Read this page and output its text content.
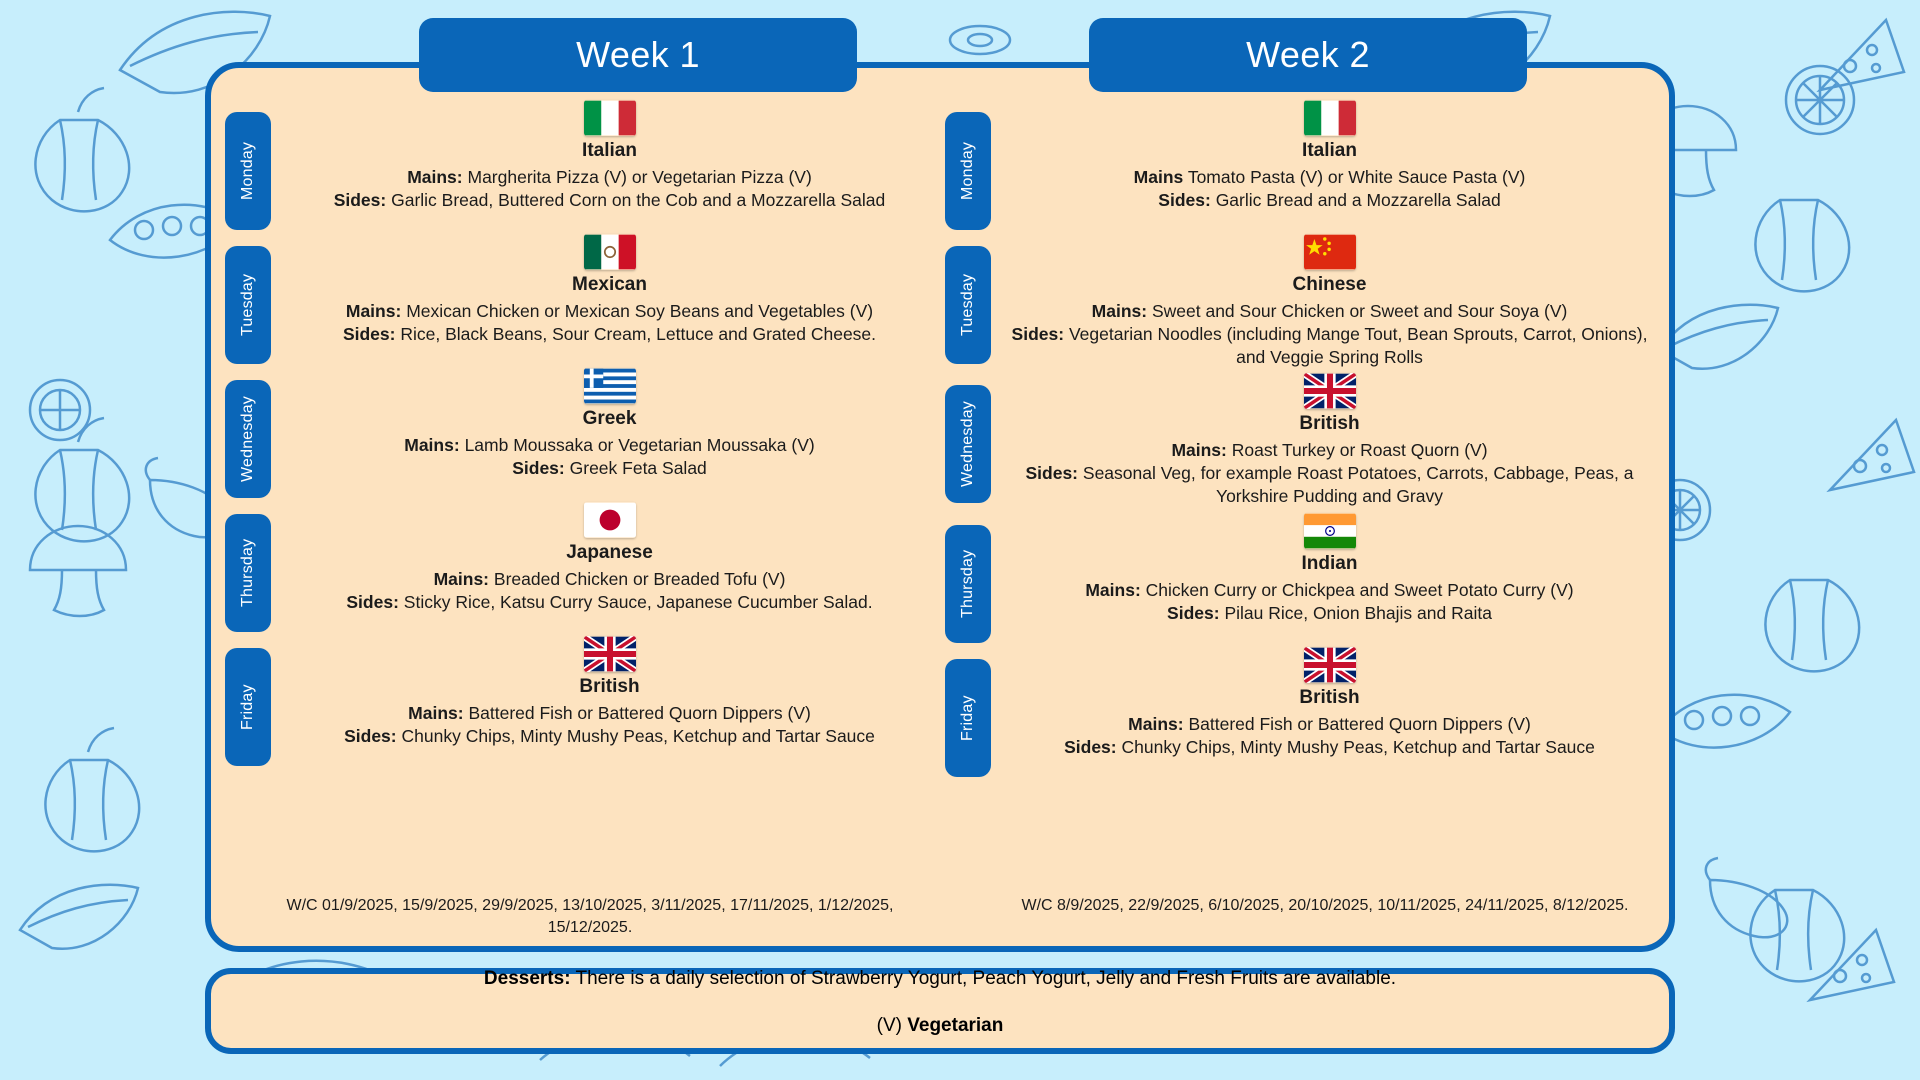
Week 1	Week 2
Monday	Italian

Mains: Margherita Pizza (V) or Vegetarian Pizza (V)

Sides: Garlic Bread, Buttered Corn on the Cob and a Mozzarella Salad

Tuesday	Mexican

Mains: Mexican Chicken or Mexican Soy Beans and Vegetables (V)

Sides: Rice, Black Beans, Sour Cream, Lettuce and Grated Cheese.

Wednesday	Greek

Mains: Lamb Moussaka or Vegetarian Moussaka (V)

Sides: Greek Feta Salad

Thursday	Japanese

Mains: Breaded Chicken or Breaded Tofu (V)

Sides: Sticky Rice, Katsu Curry Sauce, Japanese Cucumber Salad.

Friday	British

Mains: Battered Fish or Battered Quorn Dippers (V)

Sides: Chunky Chips, Minty Mushy Peas, Ketchup and Tartar Sauce

Monday	Italian

Mains Tomato Pasta (V) or White Sauce Pasta (V)

Sides: Garlic Bread and a Mozzarella Salad

Tuesday	Chinese

Mains: Sweet and Sour Chicken or Sweet and Sour Soya (V)

Sides: Vegetarian Noodles (including Mange Tout, Bean Sprouts, Carrot, Onions), and Veggie Spring Rolls

Wednesday	British

Mains: Roast Turkey or Roast Quorn (V)

Sides: Seasonal Veg, for example Roast Potatoes, Carrots, Cabbage, Peas, a Yorkshire Pudding and Gravy

Thursday	Indian

Mains: Chicken Curry or Chickpea and Sweet Potato Curry (V)

Sides: Pilau Rice, Onion Bhajis and Raita

Friday	British

Mains: Battered Fish or Battered Quorn Dippers (V)

Sides: Chunky Chips, Minty Mushy Peas, Ketchup and Tartar Sauce

W/C 01/9/2025, 15/9/2025, 29/9/2025, 13/10/2025, 3/11/2025, 17/11/2025, 1/12/2025, 15/12/2025.
W/C 8/9/2025, 22/9/2025, 6/10/2025, 20/10/2025, 10/11/2025, 24/11/2025, 8/12/2025.

Desserts: There is a daily selection of Strawberry Yogurt, Peach Yogurt, Jelly and Fresh Fruits are available.

(V) Vegetarian
